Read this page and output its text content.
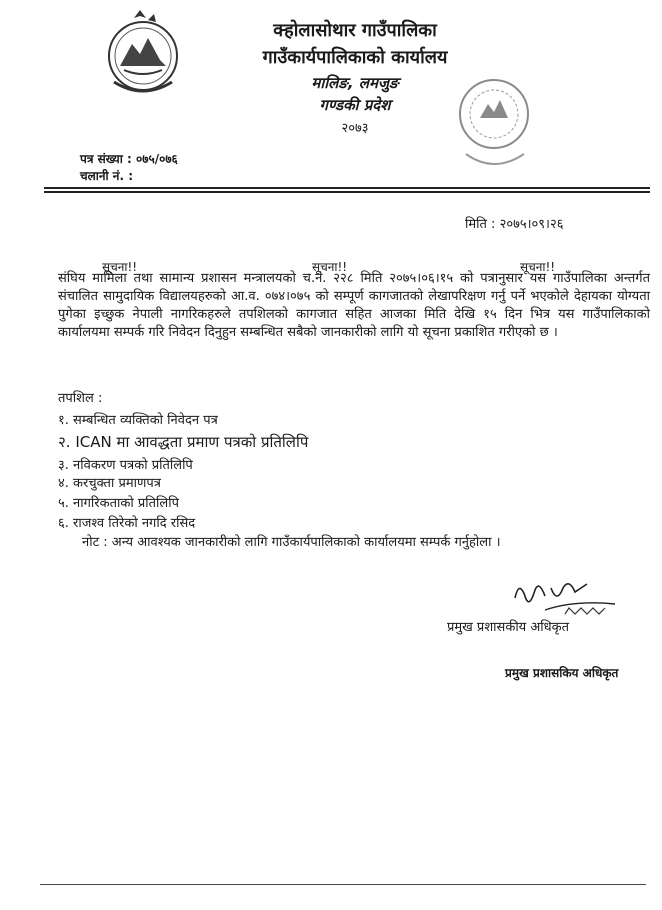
क्होलासोथार गाउँपालिका
गाउँकार्यपालिकाको कार्यालय
मालिङ, लमजुङ
गण्डकी प्रदेश
२०७३
पत्र संख्या : ०७५/०७६
चलानी नं. :
मिति : २०७५।०९।२६
सूचना!!	सूचना!!	सूचना!!
संघिय मामिला तथा सामान्य प्रशासन मन्त्रालयको च.नं. २२८ मिति २०७५।०६।१५ को पत्रानुसार यस गाउँपालिका अन्तर्गत संचालित सामुदायिक विद्यालयहरुको आ.व. ०७४।०७५ को सम्पूर्ण कागजातको लेखापरिक्षण गर्नु पर्ने भएकोले देहायका योग्यता पुगेका इच्छुक नेपाली नागरिकहरुले तपशिलको कागजात सहित आजका मिति देखि १५ दिन भित्र यस गाउँपालिकाको कार्यालयमा सम्पर्क गरि निवेदन दिनुहुन सम्बन्धित सबैको जानकारीको लागि यो सूचना प्रकाशित गरीएको छ ।
तपशिल :
१. सम्बन्धित व्यक्तिको निवेदन पत्र
२. ICAN मा आवद्धता प्रमाण पत्रको प्रतिलिपि
३. नविकरण पत्रको प्रतिलिपि
४. करचुक्ता प्रमाणपत्र
५. नागरिकताको प्रतिलिपि
६. राजश्व तिरेको नगदि रसिद
नोट : अन्य आवश्यक जानकारीको लागि गाउँकार्यपालिकाको कार्यालयमा सम्पर्क गर्नुहोला ।
प्रमुख प्रशासकीय अधिकृत
प्रमुख प्रशासकिय अधिकृत
